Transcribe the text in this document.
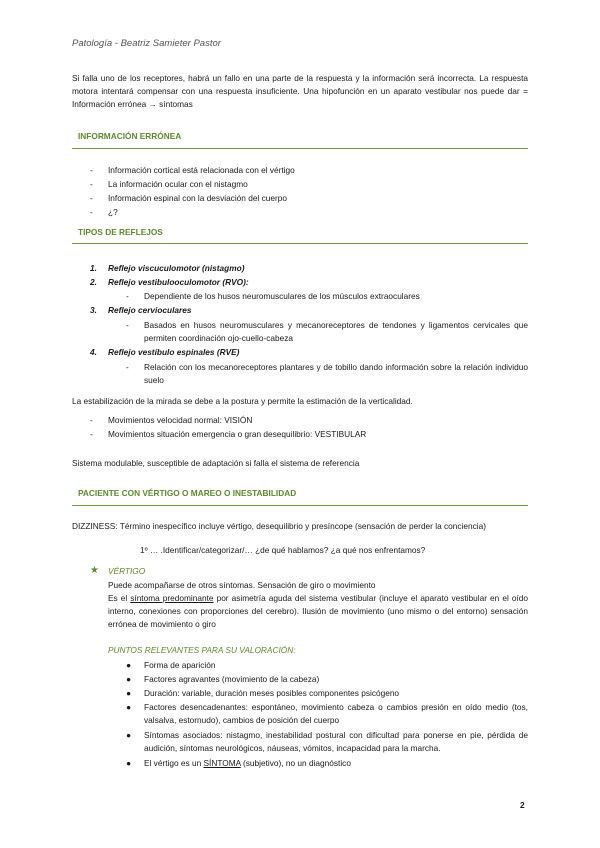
Patología - Beatriz Samieter Pastor
Si falla uno de los receptores, habrá un fallo en una parte de la respuesta y la información será incorrecta. La respuesta motora intentará compensar con una respuesta insuficiente. Una hipofunción en un aparato vestibular nos puede dar = Información errónea → síntomas
INFORMACIÓN ERRÓNEA
- Información cortical está relacionada con el vértigo
- La información ocular con el nistagmo
- Información espinal con la desviación del cuerpo
- ¿?
TIPOS DE REFLEJOS
1. Reflejo viscuculomotor (nistagmo)
2. Reflejo vestibulooculomotor (RVO):
- Dependiente de los husos neuromusculares de los músculos extraoculares
3. Reflejo cervioculares
- Basados en husos neuromusculares y mecanoreceptores de tendones y ligamentos cervicales que permiten coordinación ojo-cuello-cabeza
4. Reflejo vestíbulo espinales (RVE)
- Relación con los mecanoreceptores plantares y de tobillo dando información sobre la relación individuo suelo
La estabilización de la mirada se debe a la postura y permite la estimación de la verticalidad.
- Movimientos velocidad normal: VISIÓN
- Movimientos situación emergencia o gran desequilibrio: VESTIBULAR
Sistema modulable, susceptible de adaptación si falla el sistema de referencia
PACIENTE CON VÉRTIGO O MAREO O INESTABILIDAD
DIZZINESS: Término inespecífico incluye vértigo, desequilibrio y presíncope (sensación de perder la conciencia)
1º … .Identificar/categorizar/… ¿de qué hablamos? ¿a qué nos enfrentamos?
★ VÉRTIGO
Puede acompañarse de otros síntomas. Sensación de giro o movimiento
Es el síntoma predominante por asimetría aguda del sistema vestibular (incluye el aparato vestibular en el oído interno, conexiones con proporciones del cerebro). Ilusión de movimiento (uno mismo o del entorno) sensación errónea de movimiento o giro
PUNTOS RELEVANTES PARA SU VALORACIÓN:
● Forma de aparición
● Factores agravantes (movimiento de la cabeza)
● Duración: variable, duración meses posibles componentes psicógeno
● Factores desencadenantes: espontáneo, movimiento cabeza o cambios presión en oído medio (tos, valsalva, estornudo), cambios de posición del cuerpo
● Síntomas asociados: nistagmo, inestabilidad postural con dificultad para ponerse en pie, pérdida de audición, síntomas neurológicos, náuseas, vómitos, incapacidad para la marcha.
● El vértigo es un SÍNTOMA (subjetivo), no un diagnóstico
2
